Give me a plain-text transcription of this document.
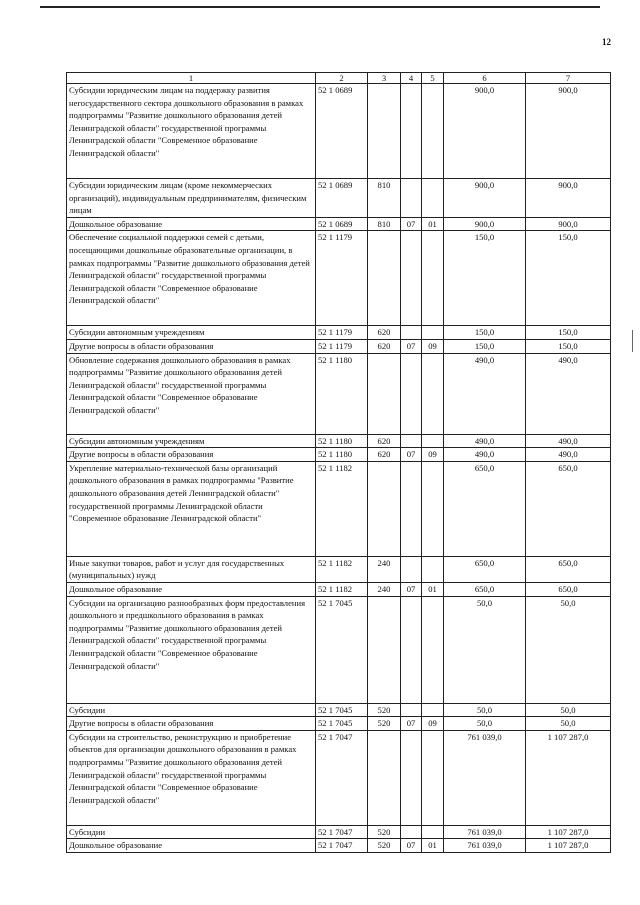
12
1	2	3	4	5	6	7
Субсидии юридическим лицам на поддержку развития негосударственного сектора дошкольного образования в рамках подпрограммы "Развитие дошкольного образования детей Ленинградской области" государственной программы Ленинградской области "Современное образование Ленинградской области"	52 1 0689				900,0	900,0
Субсидии юридическим лицам (кроме некоммерческих организаций), индивидуальным предпринимателям, физическим лицам	52 1 0689	810			900,0	900,0
Дошкольное образование	52 1 0689	810	07	01	900,0	900,0
Обеспечение социальной поддержки семей с детьми, посещающими дошкольные образовательные организации, в рамках подпрограммы "Развитие дошкольного образования детей Ленинградской области" государственной программы Ленинградской области "Современное образование Ленинградской области"	52 1 1179				150,0	150,0
Субсидии автономным учреждениям	52 1 1179	620			150,0	150,0
Другие вопросы в области образования	52 1 1179	620	07	09	150,0	150,0
Обновление содержания дошкольного образования в рамках подпрограммы "Развитие дошкольного образования детей Ленинградской области" государственной программы Ленинградской области "Современное образование Ленинградской области"	52 1 1180				490,0	490,0
Субсидии автономным учреждениям	52 1 1180	620			490,0	490,0
Другие вопросы в области образования	52 1 1180	620	07	09	490,0	490,0
Укрепление материально-технической базы организаций дошкольного образования в рамках подпрограммы "Развитие дошкольного образования детей Ленинградской области" государственной программы Ленинградской области "Современное образование Ленинградской области"	52 1 1182				650,0	650,0
Иные закупки товаров, работ и услуг для государственных (муниципальных) нужд	52 1 1182	240			650,0	650,0
Дошкольное образование	52 1 1182	240	07	01	650,0	650,0
Субсидии на организацию разнообразных форм предоставления дошкольного и предшкольного образования в рамках подпрограммы "Развитие дошкольного образования детей Ленинградской области" государственной программы Ленинградской области "Современное образование Ленинградской области"	52 1 7045				50,0	50,0
Субсидии	52 1 7045	520			50,0	50,0
Другие вопросы в области образования	52 1 7045	520	07	09	50,0	50,0
Субсидии на строительство, реконструкцию и приобретение объектов для организации дошкольного образования в рамках подпрограммы "Развитие дошкольного образования детей Ленинградской области" государственной программы Ленинградской области "Современное образование Ленинградской области"	52 1 7047				761 039,0	1 107 287,0
Субсидии	52 1 7047	520			761 039,0	1 107 287,0
Дошкольное образование	52 1 7047	520	07	01	761 039,0	1 107 287,0
